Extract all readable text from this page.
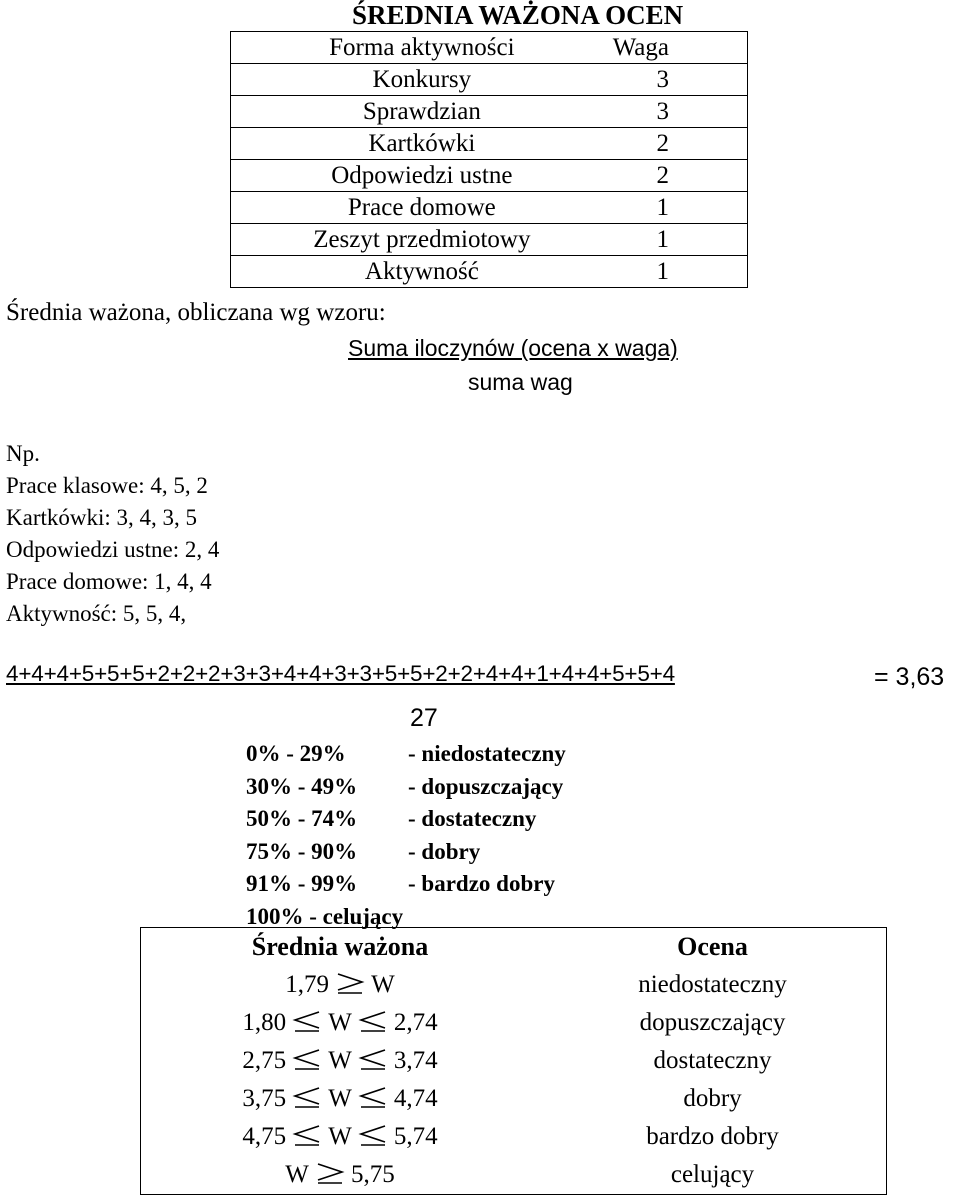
ŚREDNIA WAŻONA OCEN
Forma aktywności	Waga
Konkursy	3
Sprawdzian	3
Kartkówki	2
Odpowiedzi ustne	2
Prace domowe	1
Zeszyt przedmiotowy	1
Aktywność	1
Średnia ważona, obliczana wg wzoru:
Suma iloczynów (ocena x waga)
suma wag
Np.
Prace klasowe: 4, 5, 2
Kartkówki: 3, 4, 3, 5
Odpowiedzi ustne: 2, 4
Prace domowe: 1, 4, 4
Aktywność: 5, 5, 4,
4+4+4+5+5+5+2+2+2+3+3+4+4+3+3+5+5+2+2+4+4+1+4+4+5+5+4	= 3,63
27
0% - 29%	- niedostateczny
30% - 49% - dopuszczający
50% - 74% - dostateczny
75% - 90% - dobry
91% - 99% - bardzo dobry
100% - celujący
Średnia ważona	Ocena
1,79 W	niedostateczny
1,80 W 2,74	dopuszczający
2,75 W 3,74	dostateczny
3,75 W 4,74	dobry
4,75 W 5,74	bardzo dobry
W 5,75	celujący
